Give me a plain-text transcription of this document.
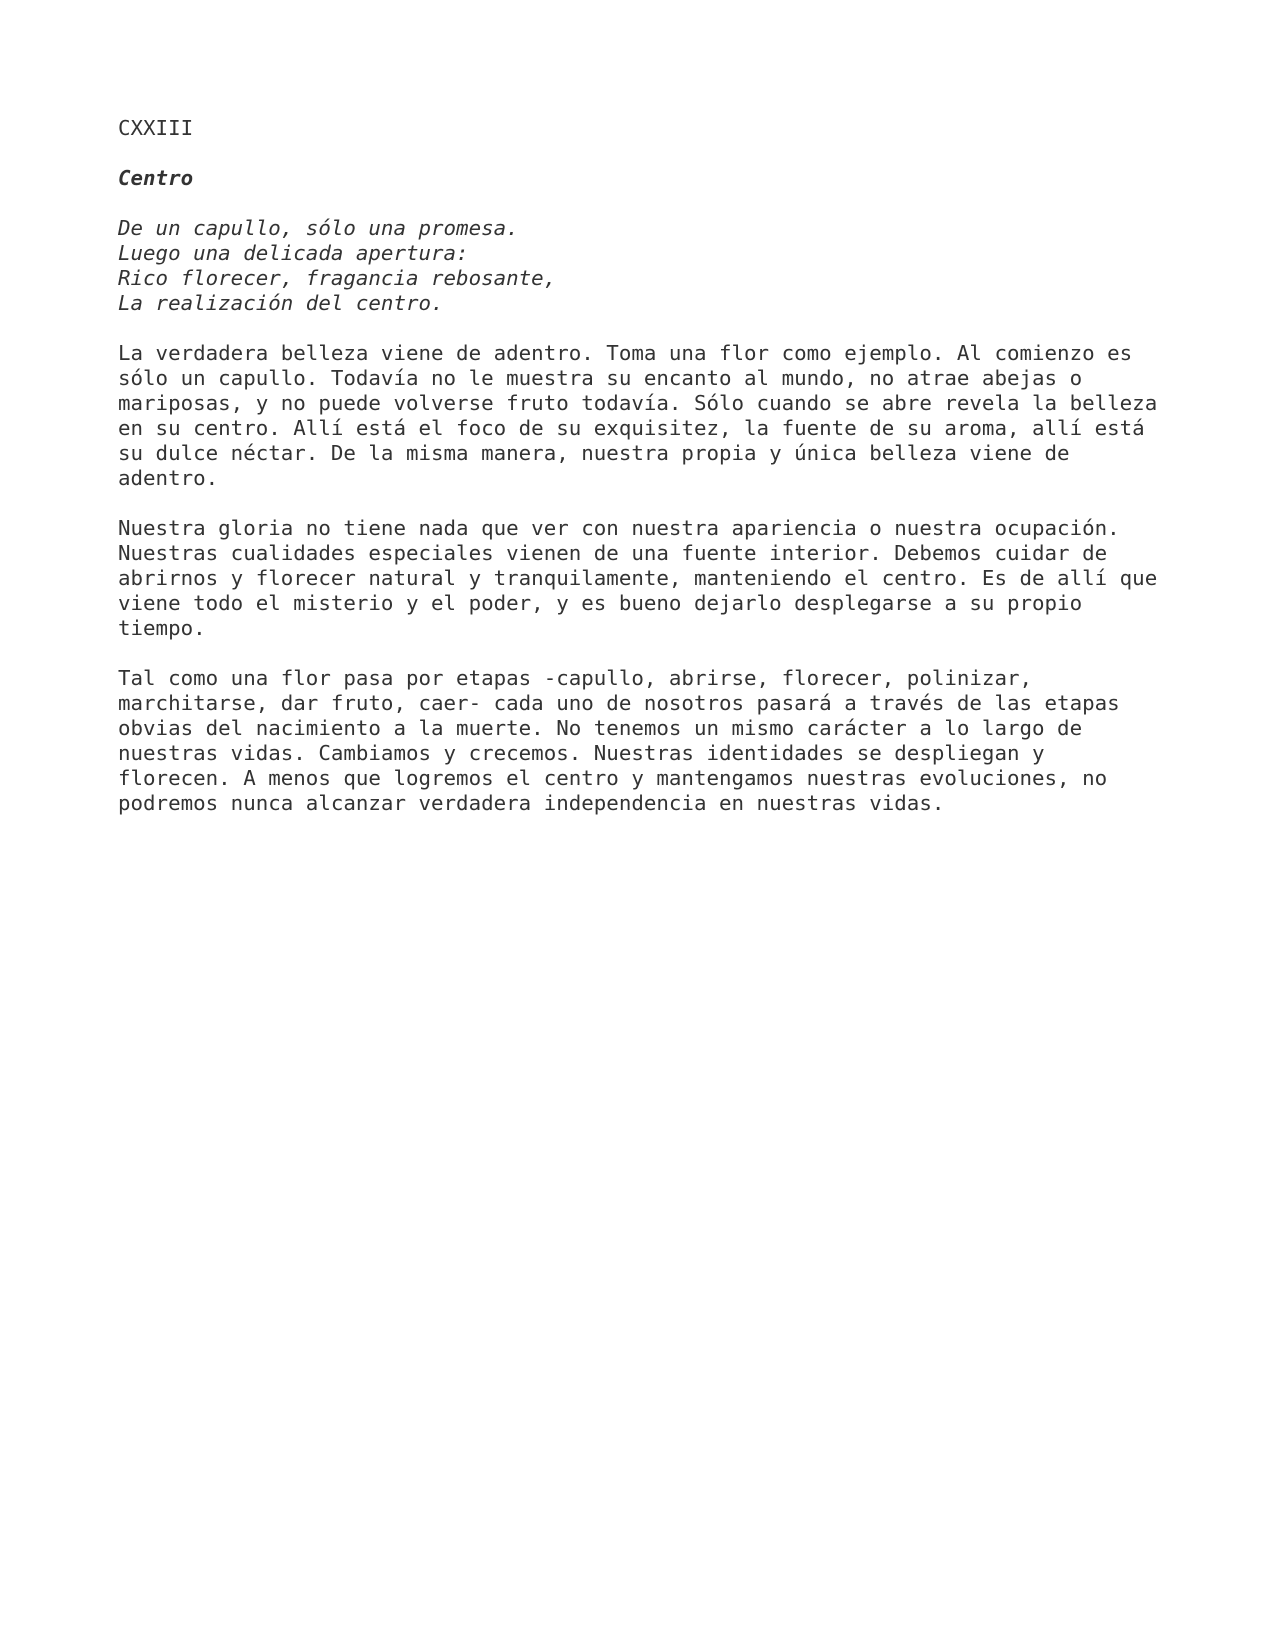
CXXIII
Centro
De un capullo, sólo una promesa.
Luego una delicada apertura:
Rico florecer, fragancia rebosante,
La realización del centro.
La verdadera belleza viene de adentro. Toma una flor como ejemplo. Al comienzo es
sólo un capullo. Todavía no le muestra su encanto al mundo, no atrae abejas o
mariposas, y no puede volverse fruto todavía. Sólo cuando se abre revela la belleza
en su centro. Allí está el foco de su exquisitez, la fuente de su aroma, allí está
su dulce néctar. De la misma manera, nuestra propia y única belleza viene de
adentro.
Nuestra gloria no tiene nada que ver con nuestra apariencia o nuestra ocupación.
Nuestras cualidades especiales vienen de una fuente interior. Debemos cuidar de
abrirnos y florecer natural y tranquilamente, manteniendo el centro. Es de allí que
viene todo el misterio y el poder, y es bueno dejarlo desplegarse a su propio
tiempo.
Tal como una flor pasa por etapas -capullo, abrirse, florecer, polinizar,
marchitarse, dar fruto, caer- cada uno de nosotros pasará a través de las etapas
obvias del nacimiento a la muerte. No tenemos un mismo carácter a lo largo de
nuestras vidas. Cambiamos y crecemos. Nuestras identidades se despliegan y
florecen. A menos que logremos el centro y mantengamos nuestras evoluciones, no
podremos nunca alcanzar verdadera independencia en nuestras vidas.
